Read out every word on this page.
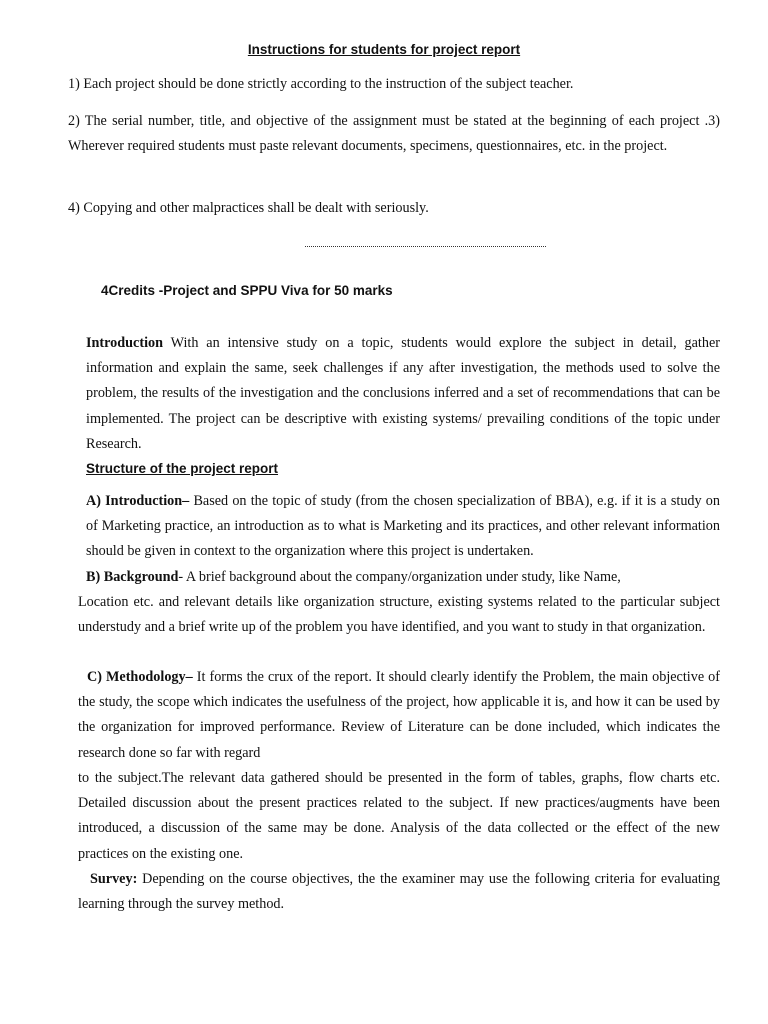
Instructions for students for project report

1) Each project should be done strictly according to the instruction of the subject teacher.

2) The serial number, title, and objective of the assignment must be stated at the beginning of each project .3) Wherever required students must paste relevant documents, specimens, questionnaires, etc. in the project.

4) Copying and other malpractices shall be dealt with seriously.

4Credits -Project and SPPU Viva for 50 marks

Introduction With an intensive study on a topic, students would explore the subject in detail, gather information and explain the same, seek challenges if any after investigation, the methods used to solve the problem, the results of the investigation and the conclusions inferred and a set of recommendations that can be implemented. The project can be descriptive with existing systems/ prevailing conditions of the topic under Research.

Structure of the project report

A) Introduction– Based on the topic of study (from the chosen specialization of BBA), e.g. if it is a study on of Marketing practice, an introduction as to what is Marketing and its practices, and other relevant information should be given in context to the organization where this project is undertaken.

B) Background- A brief background about the company/organization under study, like Name,

Location etc. and relevant details like organization structure, existing systems related to the particular subject understudy and a brief write up of the problem you have identified, and you want to study in that organization.

C) Methodology– It forms the crux of the report. It should clearly identify the Problem, the main objective of the study, the scope which indicates the usefulness of the project, how applicable it is, and how it can be used by the organization for improved performance. Review of Literature can be done included, which indicates the research done so far with regard

to the subject.The relevant data gathered should be presented in the form of tables, graphs, flow charts etc. Detailed discussion about the present practices related to the subject. If new practices/augments have been introduced, a discussion of the same may be done. Analysis of the data collected or the effect of the new practices on the existing one.

Survey: Depending on the course objectives, the the examiner may use the following criteria for evaluating learning through the survey method.
